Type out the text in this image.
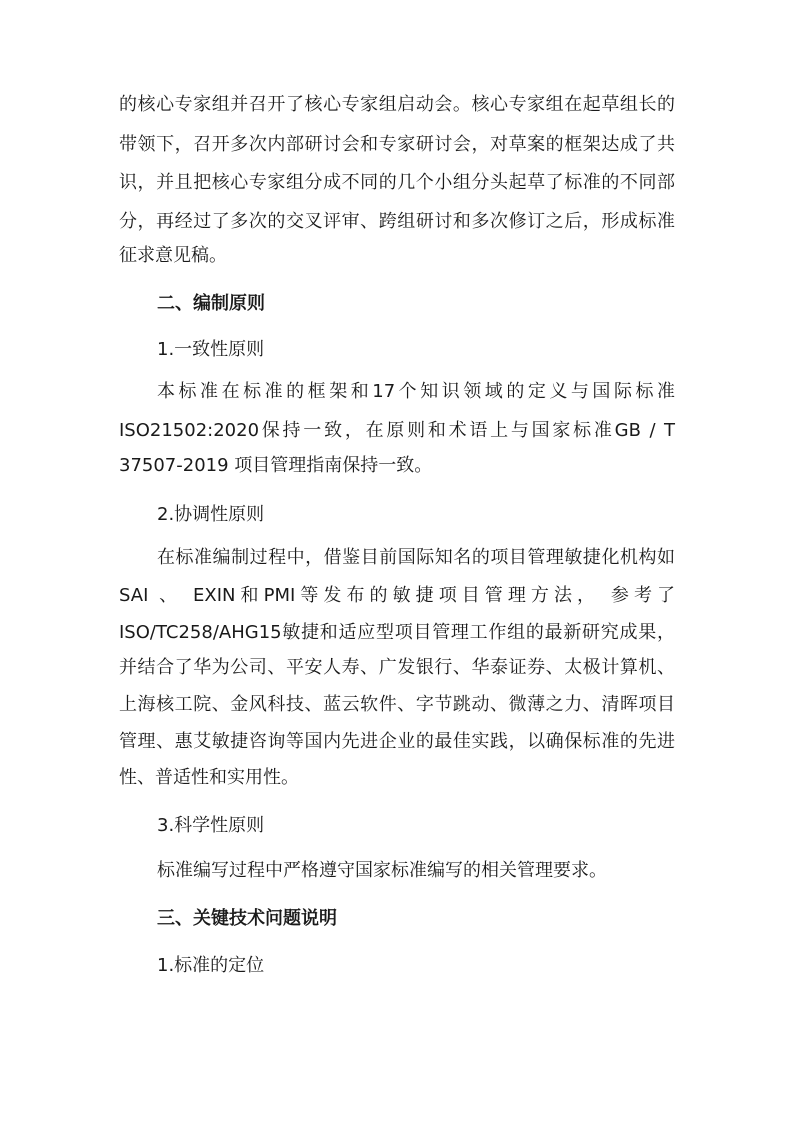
的核心专家组并召开了核心专家组启动会。核心专家组在起草组长的
带领下，召开多次内部研讨会和专家研讨会，对草案的框架达成了共
识，并且把核心专家组分成不同的几个小组分头起草了标准的不同部
分，再经过了多次的交叉评审、跨组研讨和多次修订之后，形成标准
征求意见稿。
二、编制原则
1.一致性原则
本标准在标准的框架和17个知识领域的定义与国际标准
ISO21502:2020保持一致，在原则和术语上与国家标准GB / T
37507-2019 项目管理指南保持一致。
2.协调性原则
在标准编制过程中，借鉴目前国际知名的项目管理敏捷化机构如
SAI 、 EXIN和PMI等发布的敏捷项目管理方法， 参考了
ISO/TC258/AHG15敏捷和适应型项目管理工作组的最新研究成果，
并结合了华为公司、平安人寿、广发银行、华泰证券、太极计算机、
上海核工院、金风科技、蓝云软件、字节跳动、微薄之力、清晖项目
管理、惠艾敏捷咨询等国内先进企业的最佳实践，以确保标准的先进
性、普适性和实用性。
3.科学性原则
标准编写过程中严格遵守国家标准编写的相关管理要求。
三、关键技术问题说明
1.标准的定位
